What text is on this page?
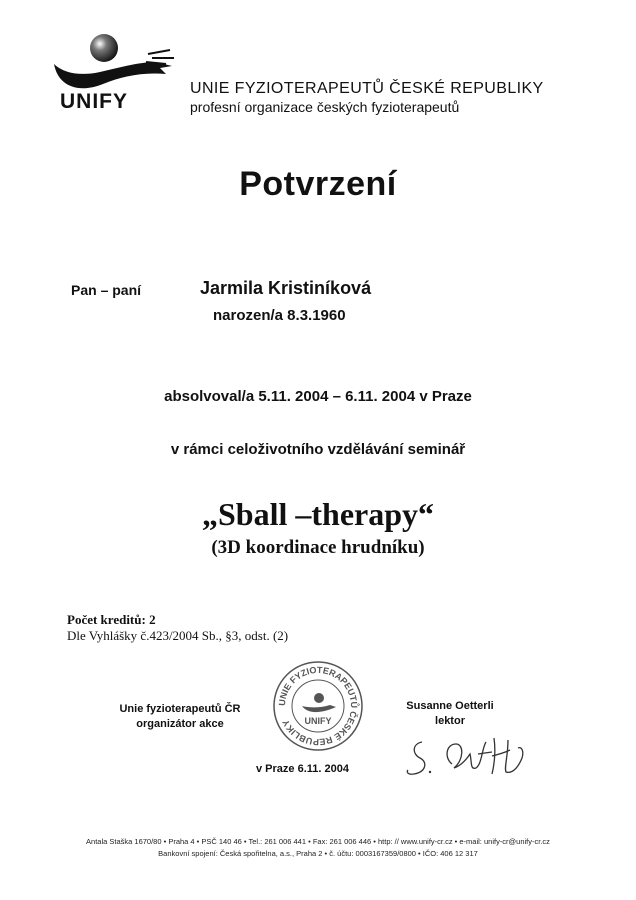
UNIFY
UNIE FYZIOTERAPEUTŮ ČESKÉ REPUBLIKY
profesní organizace českých fyzioterapeutů
Potvrzení
Pan – paní	Jarmila Kristiníková
narozen/a 8.3.1960
absolvoval/a 5.11. 2004 – 6.11. 2004 v Praze
v rámci celoživotního vzdělávání seminář
„Sball –therapy“
(3D koordinace hrudníku)
Počet kreditů: 2
Dle Vyhlášky č.423/2004 Sb., §3, odst. (2)
Unie fyzioterapeutů ČR
organizátor akce
UNIE FYZIOTERAPEUTŮ ČESKÉ REPUBLIKY	UNIFY
v Praze 6.11. 2004
Susanne Oetterli
lektor
Antala Staška 1670/80 • Praha 4 • PSČ 140 46 • Tel.: 261 006 441 • Fax: 261 006 446 • http: // www.unify-cr.cz • e-mail: unify-cr@unify-cr.cz
Bankovní spojení: Česká spořitelna, a.s., Praha 2 • č. účtu: 0003167359/0800 • IČO: 406 12 317
